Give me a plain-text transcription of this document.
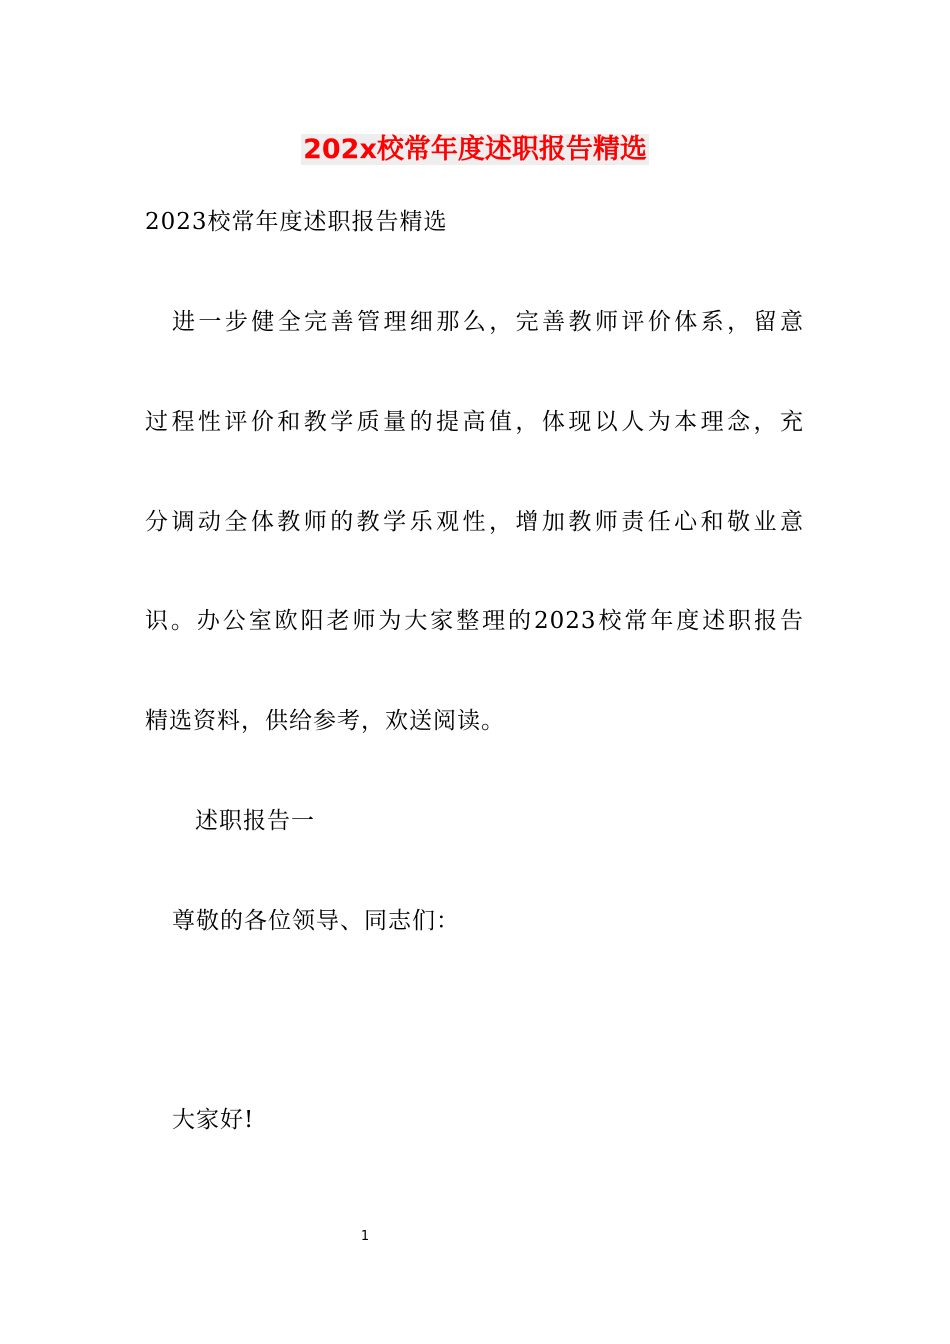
202x校常年度述职报告精选
2023校常年度述职报告精选
进一步健全完善管理细那么，完善教师评价体系，留意
过程性评价和教学质量的提高值，体现以人为本理念，充
分调动全体教师的教学乐观性，增加教师责任心和敬业意
识。办公室欧阳老师为大家整理的2023校常年度述职报告
精选资料，供给参考，欢送阅读。
述职报告一
尊敬的各位领导、同志们：
大家好!
1
